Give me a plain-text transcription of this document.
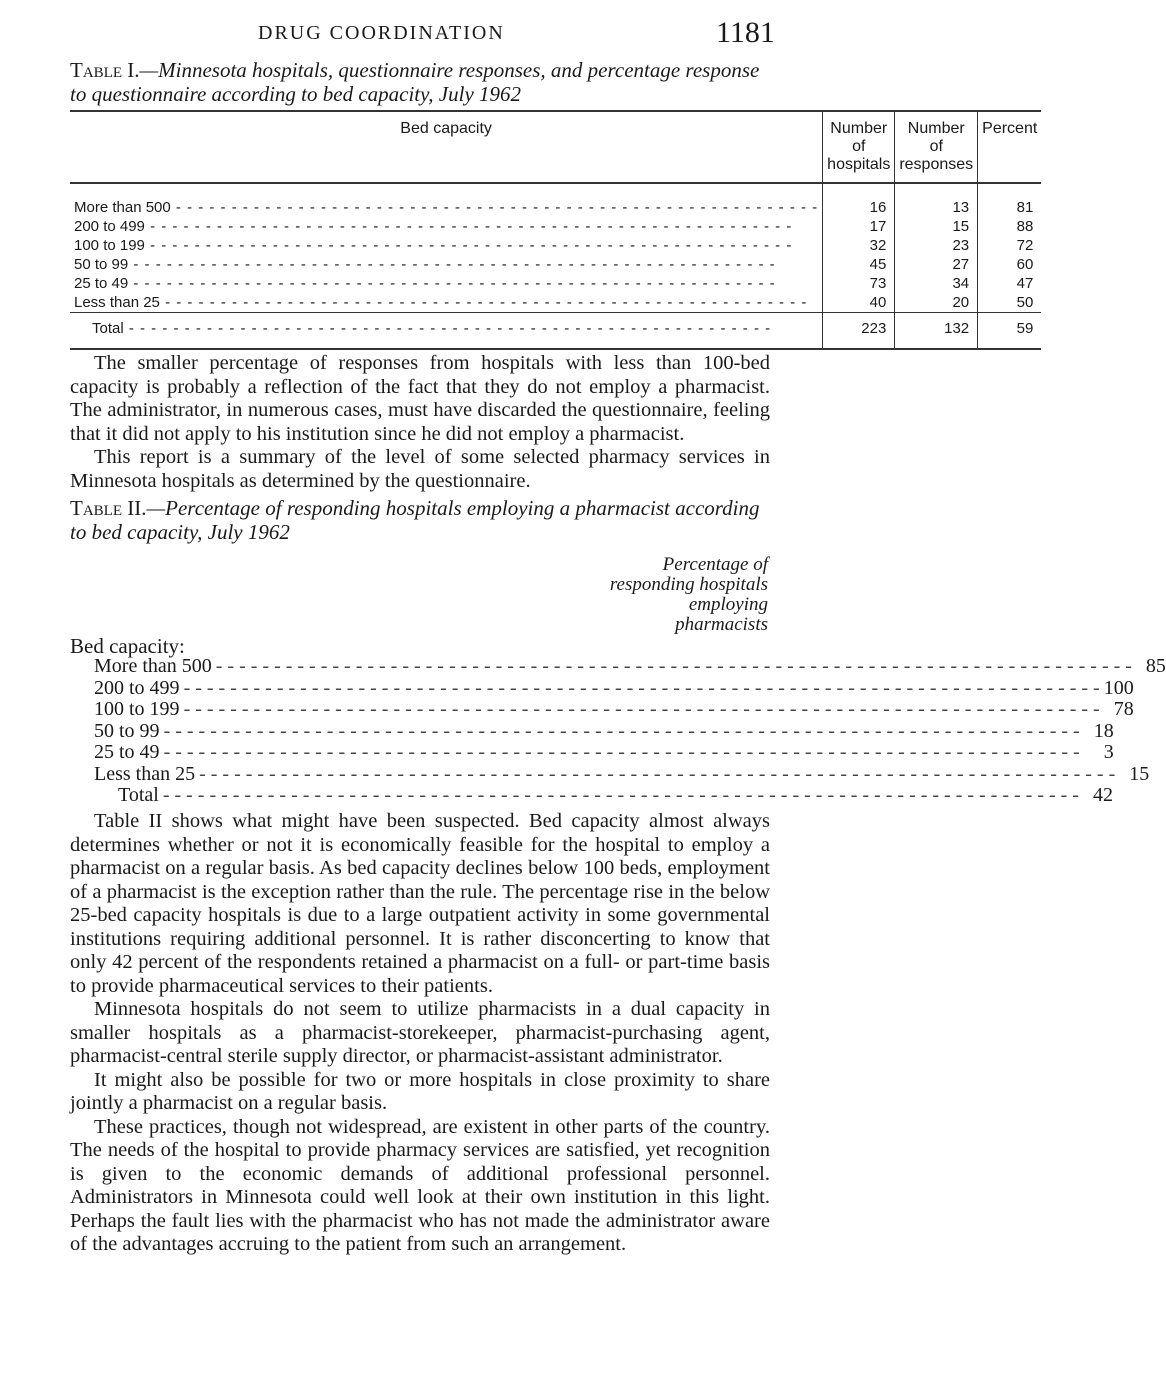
DRUG COORDINATION	1181
Table I.—Minnesota hospitals, questionnaire responses, and percentage response to questionnaire according to bed capacity, July 1962
Bed capacity	Number of hospitals	Number of responses	Percent
More than 500 - - -	16	13	81
200 to 499 - - -	17	15	88
100 to 199 - - -	32	23	72
50 to 99 - - -	45	27	60
25 to 49 - - -	73	34	47
Less than 25 - - -	40	20	50
Total - - -	223	132	59

The smaller percentage of responses from hospitals with less than 100-bed capacity is probably a reflection of the fact that they do not employ a pharmacist. The administrator, in numerous cases, must have discarded the questionnaire, feeling that it did not apply to his institution since he did not employ a pharmacist.
This report is a summary of the level of some selected pharmacy services in Minnesota hospitals as determined by the questionnaire.
Table II.—Percentage of responding hospitals employing a pharmacist according to bed capacity, July 1962
Percentage of responding hospitals employing pharmacists
Bed capacity:
More than 500 - - -	85
200 to 499 - - -	100
100 to 199 - - -	78
50 to 99 - - -	18
25 to 49 - - -	3
Less than 25 - - -	15
Total - - -	42
Table II shows what might have been suspected. Bed capacity almost always determines whether or not it is economically feasible for the hospital to employ a pharmacist on a regular basis. As bed capacity declines below 100 beds, employment of a pharmacist is the exception rather than the rule. The percentage rise in the below 25-bed capacity hospitals is due to a large outpatient activity in some governmental institutions requiring additional personnel. It is rather disconcerting to know that only 42 percent of the respondents retained a pharmacist on a full- or part-time basis to provide pharmaceutical services to their patients.
Minnesota hospitals do not seem to utilize pharmacists in a dual capacity in smaller hospitals as a pharmacist-storekeeper, pharmacist-purchasing agent, pharmacist-central sterile supply director, or pharmacist-assistant administrator.
It might also be possible for two or more hospitals in close proximity to share jointly a pharmacist on a regular basis.
These practices, though not widespread, are existent in other parts of the country. The needs of the hospital to provide pharmacy services are satisfied, yet recognition is given to the economic demands of additional professional personnel. Administrators in Minnesota could well look at their own institution in this light. Perhaps the fault lies with the pharmacist who has not made the administrator aware of the advantages accruing to the patient from such an arrangement.
